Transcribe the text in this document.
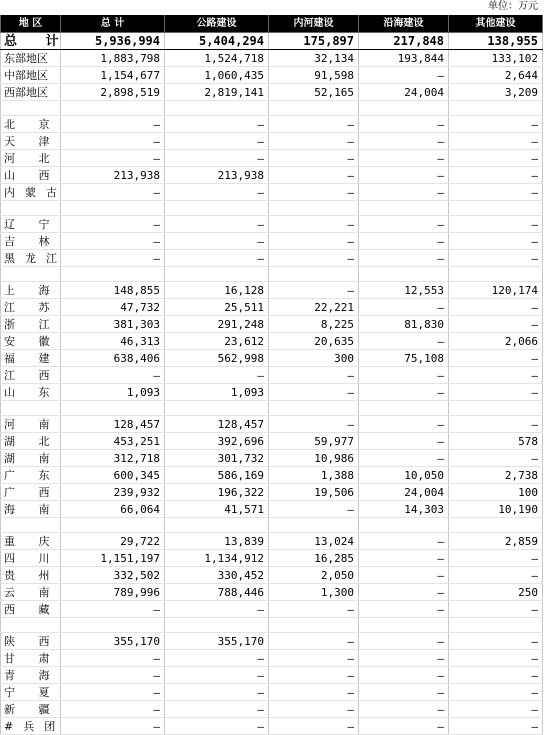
单位：万元
地 区	总 计	公路建设	内河建设	沿海建设	其他建设
总 计	5,936,994	5,404,294	175,897	217,848	138,955
东部地区	1,883,798	1,524,718	32,134	193,844	133,102
中部地区	1,154,677	1,060,435	91,598	–	2,644
西部地区	2,898,519	2,819,141	52,165	24,004	3,209

北 京	–	–	–	–	–
天 津	–	–	–	–	–
河 北	–	–	–	–	–
山 西	213,938	213,938	–	–	–
内蒙古	–	–	–	–	–

辽 宁	–	–	–	–	–
吉 林	–	–	–	–	–
黑龙江	–	–	–	–	–

上 海	148,855	16,128	–	12,553	120,174
江 苏	47,732	25,511	22,221	–	–
浙 江	381,303	291,248	8,225	81,830	–
安 徽	46,313	23,612	20,635	–	2,066
福 建	638,406	562,998	300	75,108	–
江 西	–	–	–	–	–
山 东	1,093	1,093	–	–	–

河 南	128,457	128,457	–	–	–
湖 北	453,251	392,696	59,977	–	578
湖 南	312,718	301,732	10,986	–	–
广 东	600,345	586,169	1,388	10,050	2,738
广 西	239,932	196,322	19,506	24,004	100
海 南	66,064	41,571	–	14,303	10,190

重 庆	29,722	13,839	13,024	–	2,859
四 川	1,151,197	1,134,912	16,285	–	–
贵 州	332,502	330,452	2,050	–	–
云 南	789,996	788,446	1,300	–	250
西 藏	–	–	–	–	–

陕 西	355,170	355,170	–	–	–
甘 肃	–	–	–	–	–
青 海	–	–	–	–	–
宁 夏	–	–	–	–	–
新 疆	–	–	–	–	–
#兵团	–	–	–	–	–
